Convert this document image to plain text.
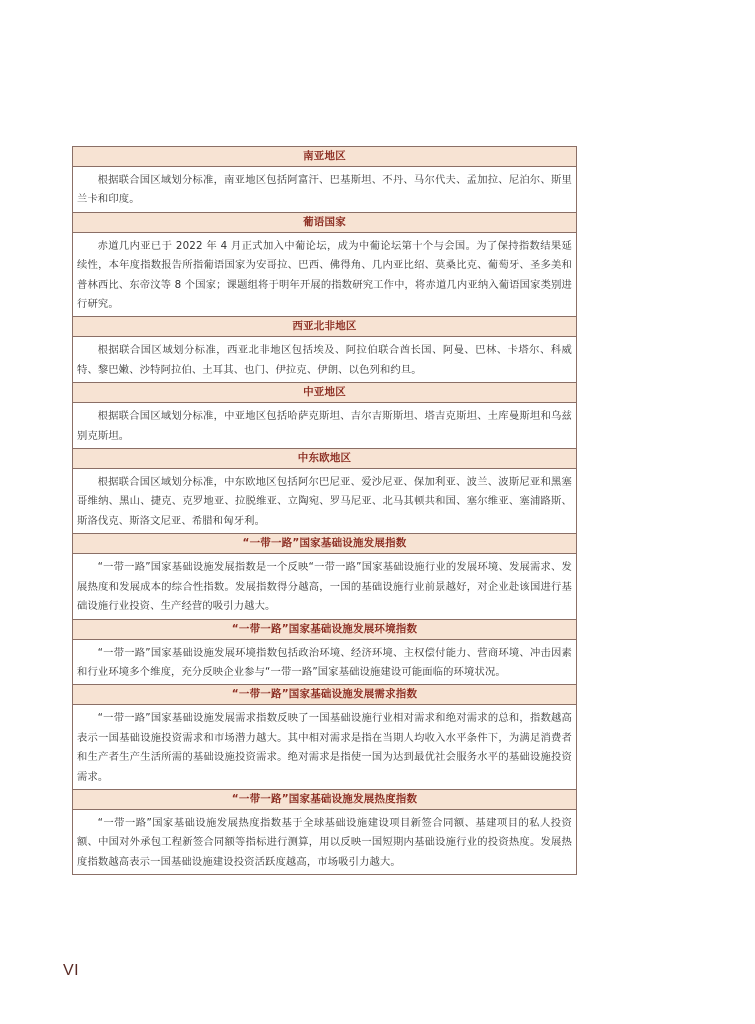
南亚地区
根据联合国区域划分标准，南亚地区包括阿富汗、巴基斯坦、不丹、马尔代夫、孟加拉、尼泊尔、斯里兰卡和印度。
葡语国家
赤道几内亚已于 2022 年 4 月正式加入中葡论坛，成为中葡论坛第十个与会国。为了保持指数结果延续性，本年度指数报告所指葡语国家为安哥拉、巴西、佛得角、几内亚比绍、莫桑比克、葡萄牙、圣多美和普林西比、东帝汶等 8 个国家；课题组将于明年开展的指数研究工作中，将赤道几内亚纳入葡语国家类别进行研究。
西亚北非地区
根据联合国区域划分标准，西亚北非地区包括埃及、阿拉伯联合酋长国、阿曼、巴林、卡塔尔、科威特、黎巴嫩、沙特阿拉伯、土耳其、也门、伊拉克、伊朗、以色列和约旦。
中亚地区
根据联合国区域划分标准，中亚地区包括哈萨克斯坦、吉尔吉斯斯坦、塔吉克斯坦、土库曼斯坦和乌兹别克斯坦。
中东欧地区
根据联合国区域划分标准，中东欧地区包括阿尔巴尼亚、爱沙尼亚、保加利亚、波兰、波斯尼亚和黑塞哥维纳、黑山、捷克、克罗地亚、拉脱维亚、立陶宛、罗马尼亚、北马其顿共和国、塞尔维亚、塞浦路斯、斯洛伐克、斯洛文尼亚、希腊和匈牙利。
“一带一路”国家基础设施发展指数
“一带一路”国家基础设施发展指数是一个反映“一带一路”国家基础设施行业的发展环境、发展需求、发展热度和发展成本的综合性指数。发展指数得分越高，一国的基础设施行业前景越好，对企业赴该国进行基础设施行业投资、生产经营的吸引力越大。
“一带一路”国家基础设施发展环境指数
“一带一路”国家基础设施发展环境指数包括政治环境、经济环境、主权偿付能力、营商环境、冲击因素和行业环境多个维度，充分反映企业参与“一带一路”国家基础设施建设可能面临的环境状况。
“一带一路”国家基础设施发展需求指数
“一带一路”国家基础设施发展需求指数反映了一国基础设施行业相对需求和绝对需求的总和，指数越高表示一国基础设施投资需求和市场潜力越大。其中相对需求是指在当期人均收入水平条件下，为满足消费者和生产者生产生活所需的基础设施投资需求。绝对需求是指使一国为达到最优社会服务水平的基础设施投资需求。
“一带一路”国家基础设施发展热度指数
“一带一路”国家基础设施发展热度指数基于全球基础设施建设项目新签合同额、基建项目的私人投资额、中国对外承包工程新签合同额等指标进行测算，用以反映一国短期内基础设施行业的投资热度。发展热度指数越高表示一国基础设施建设投资活跃度越高，市场吸引力越大。
VI
